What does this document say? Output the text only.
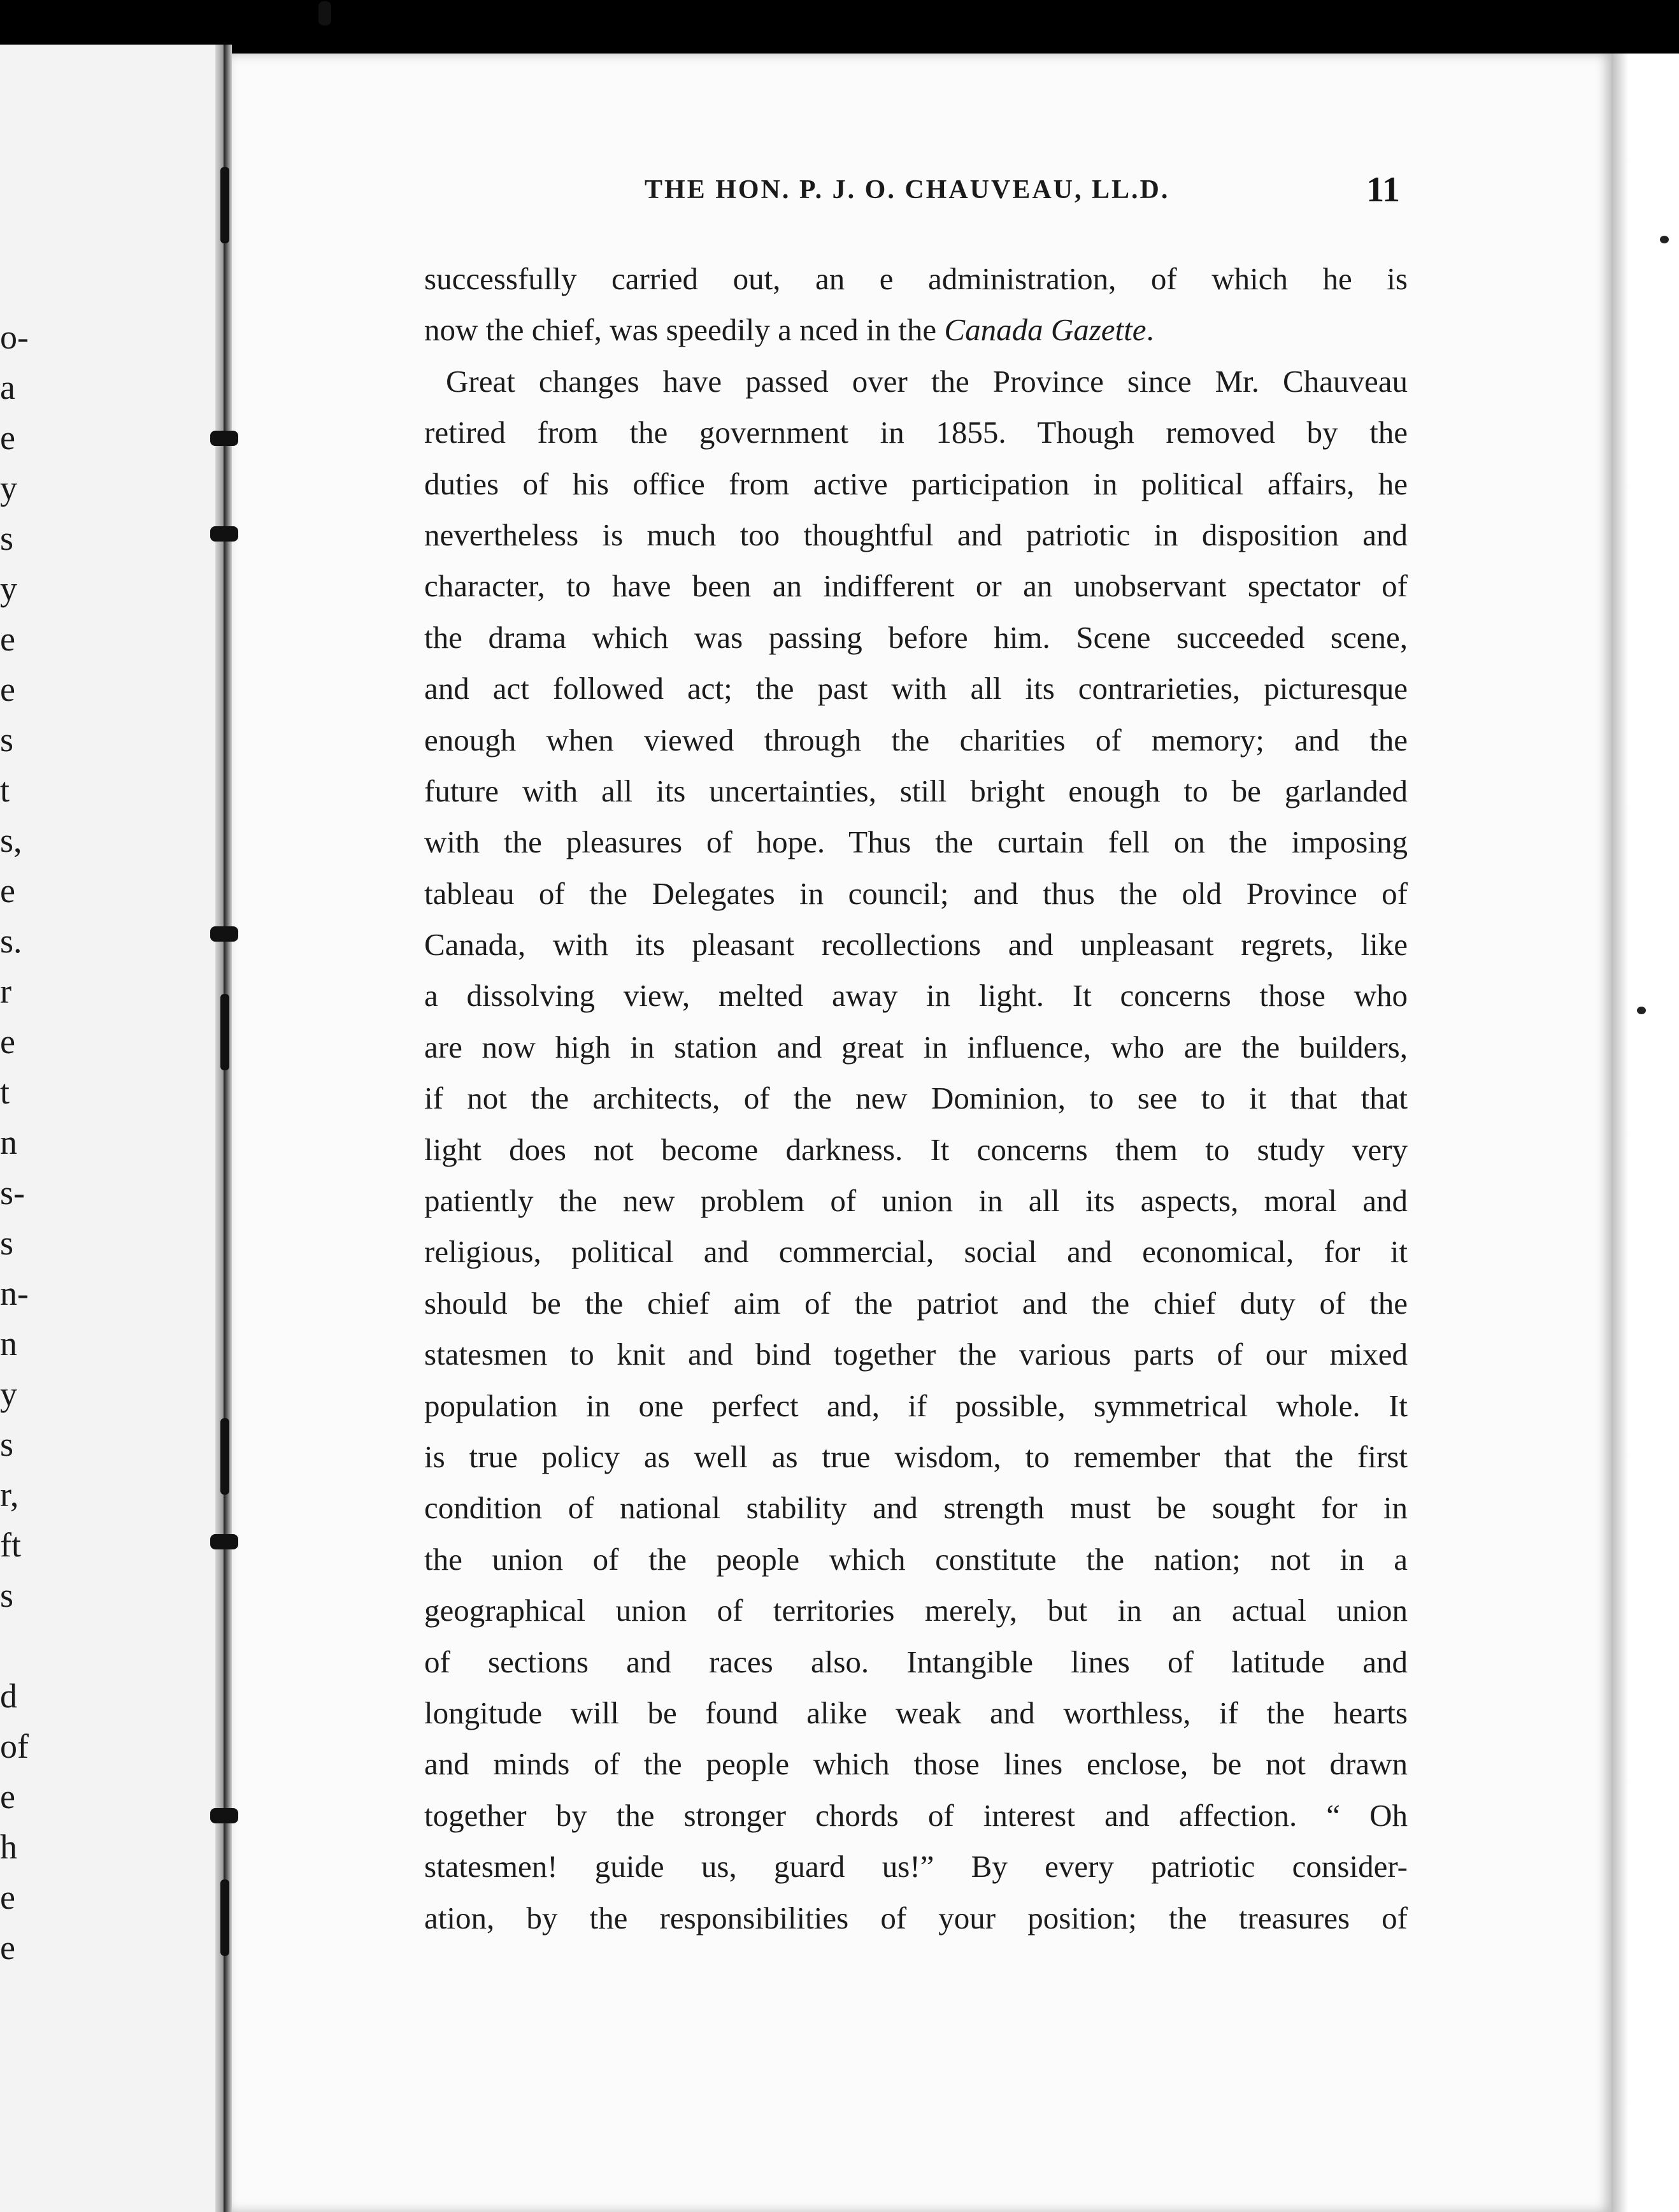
o-
a
e
y
s
y
e
e
s
t
s,
e
s.
r
e
t
n
s-
s
n-
n
y
s
r,
ft
s
d
of
e
h
e
e
THE HON. P. J. O. CHAUVEAU, LL.D.	11
successfully carried out, an e administration, of which he is
now the chief, was speedily a nced in the Canada Gazette.
Great changes have passed over the Province since Mr. Chauveau
retired from the government in 1855. Though removed by the
duties of his office from active participation in political affairs, he
nevertheless is much too thoughtful and patriotic in disposition and
character, to have been an indifferent or an unobservant spectator of
the drama which was passing before him. Scene succeeded scene,
and act followed act; the past with all its contrarieties, picturesque
enough when viewed through the charities of memory; and the
future with all its uncertainties, still bright enough to be garlanded
with the pleasures of hope. Thus the curtain fell on the imposing
tableau of the Delegates in council; and thus the old Province of
Canada, with its pleasant recollections and unpleasant regrets, like
a dissolving view, melted away in light. It concerns those who
are now high in station and great in influence, who are the builders,
if not the architects, of the new Dominion, to see to it that that
light does not become darkness. It concerns them to study very
patiently the new problem of union in all its aspects, moral and
religious, political and commercial, social and economical, for it
should be the chief aim of the patriot and the chief duty of the
statesmen to knit and bind together the various parts of our mixed
population in one perfect and, if possible, symmetrical whole. It
is true policy as well as true wisdom, to remember that the first
condition of national stability and strength must be sought for in
the union of the people which constitute the nation; not in a
geographical union of territories merely, but in an actual union
of sections and races also. Intangible lines of latitude and
longitude will be found alike weak and worthless, if the hearts
and minds of the people which those lines enclose, be not drawn
together by the stronger chords of interest and affection. “ Oh
statesmen! guide us, guard us!” By every patriotic consider-
ation, by the responsibilities of your position; the treasures of
